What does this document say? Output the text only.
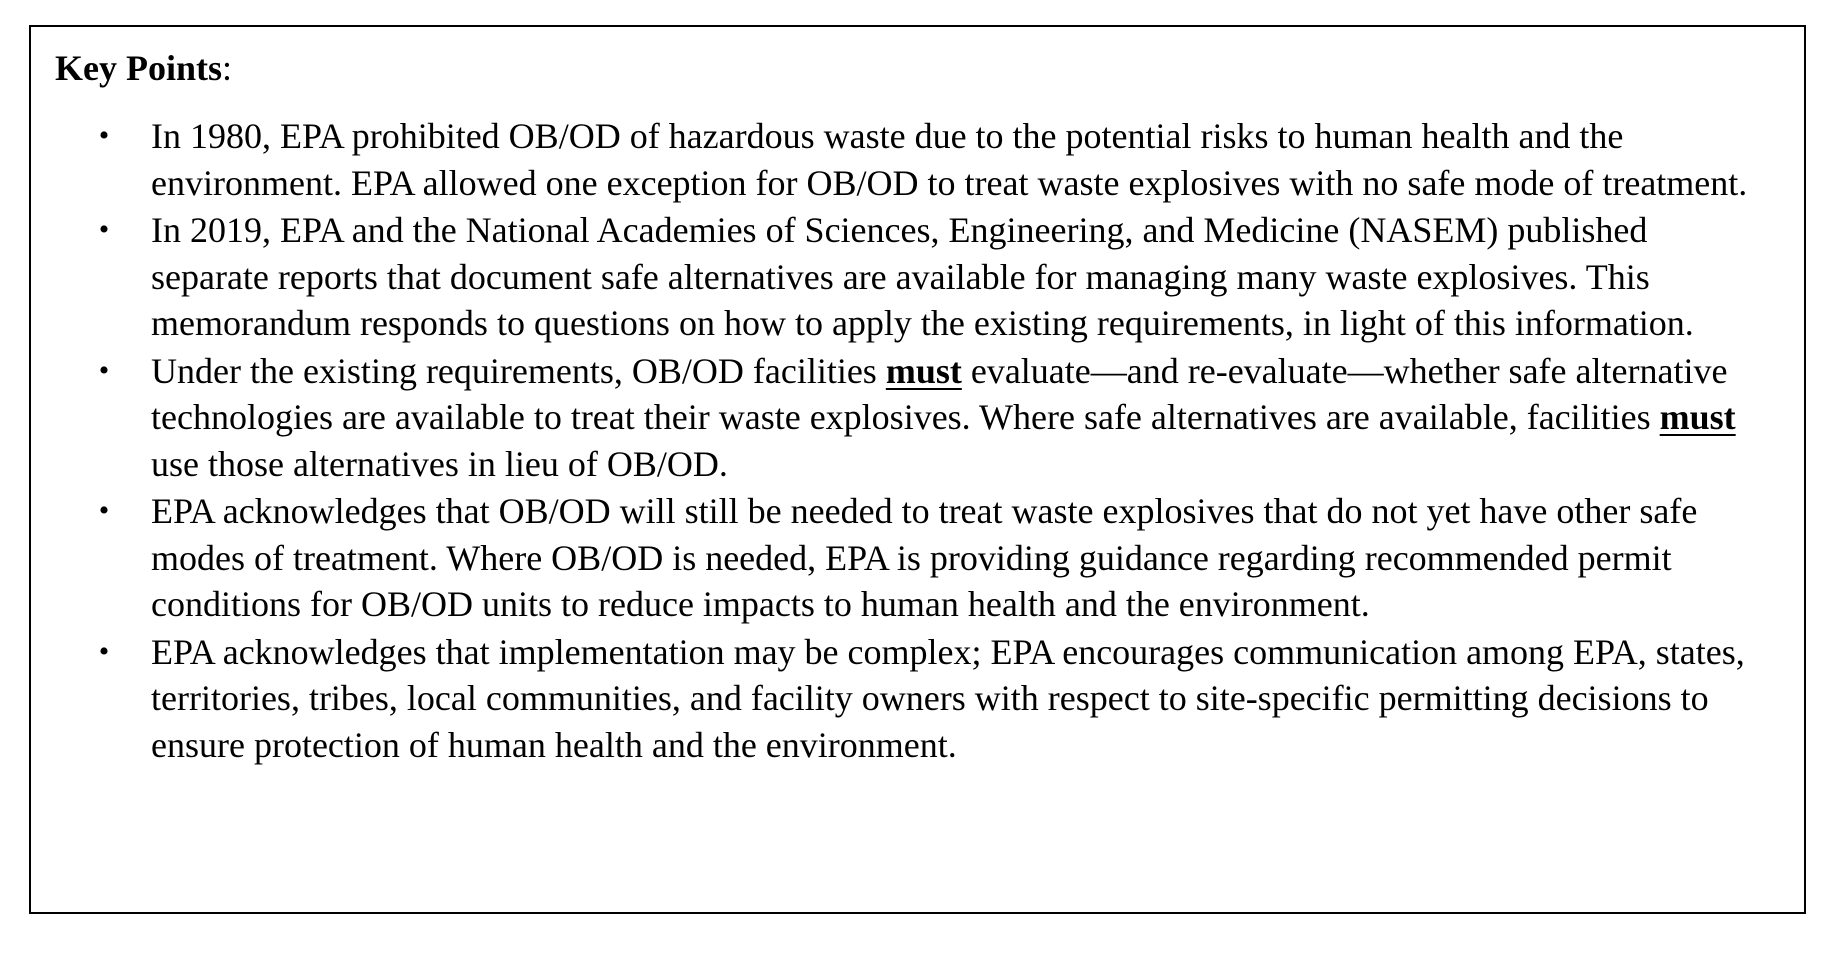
Key Points:
• In 1980, EPA prohibited OB/OD of hazardous waste due to the potential risks to human health and the environment. EPA allowed one exception for OB/OD to treat waste explosives with no safe mode of treatment.
• In 2019, EPA and the National Academies of Sciences, Engineering, and Medicine (NASEM) published separate reports that document safe alternatives are available for managing many waste explosives. This memorandum responds to questions on how to apply the existing requirements, in light of this information.
• Under the existing requirements, OB/OD facilities must evaluate—and re-evaluate—whether safe alternative technologies are available to treat their waste explosives. Where safe alternatives are available, facilities must use those alternatives in lieu of OB/OD.
• EPA acknowledges that OB/OD will still be needed to treat waste explosives that do not yet have other safe modes of treatment. Where OB/OD is needed, EPA is providing guidance regarding recommended permit conditions for OB/OD units to reduce impacts to human health and the environment.
• EPA acknowledges that implementation may be complex; EPA encourages communication among EPA, states, territories, tribes, local communities, and facility owners with respect to site-specific permitting decisions to ensure protection of human health and the environment.
